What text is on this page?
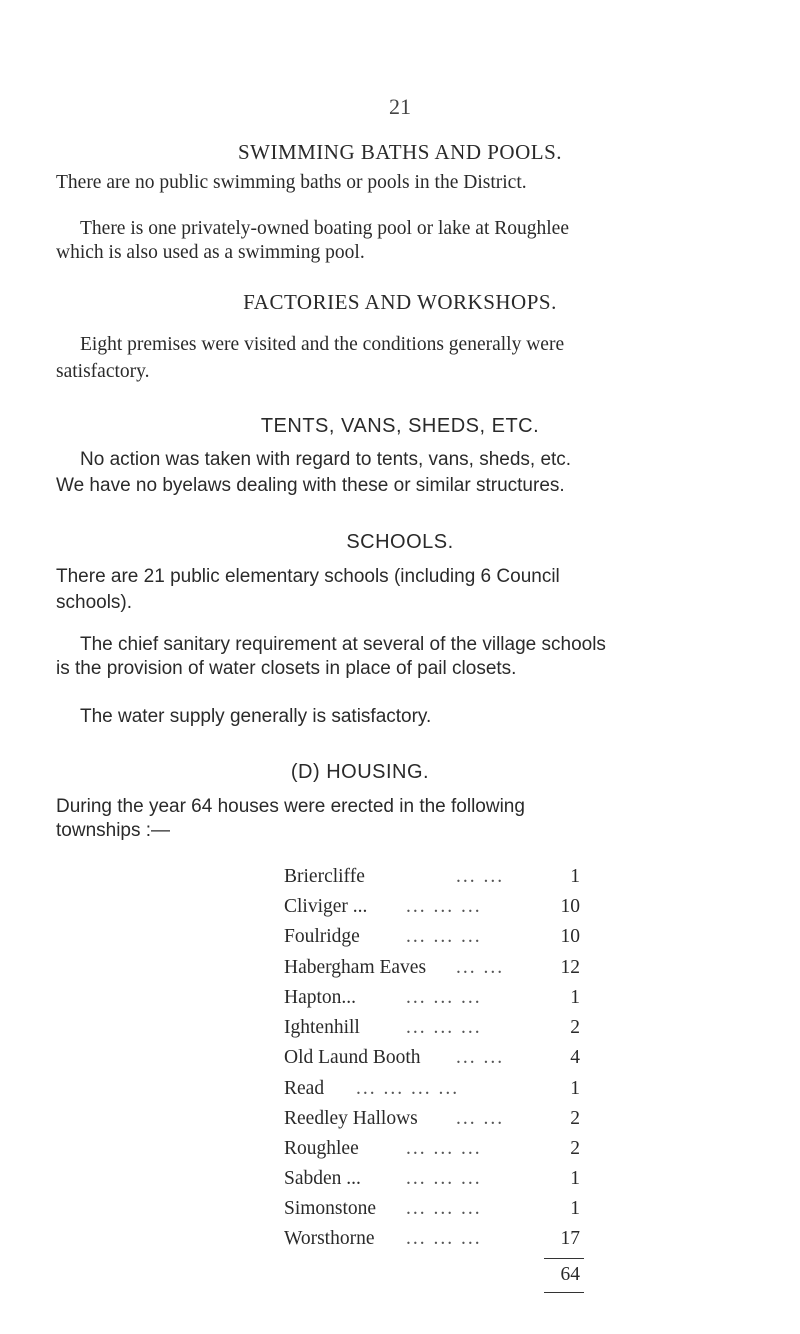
21
SWIMMING BATHS AND POOLS.
There are no public swimming baths or pools in the District.
There is one privately-owned boating pool or lake at Roughlee
which is also used as a swimming pool.
FACTORIES AND WORKSHOPS.
Eight premises were visited and the conditions generally were
satisfactory.
TENTS, VANS, SHEDS, ETC.
No action was taken with regard to tents, vans, sheds, etc.
We have no byelaws dealing with these or similar structures.
SCHOOLS.
There are 21 public elementary schools (including 6 Council
schools).
The chief sanitary requirement at several of the village schools
is the provision of water closets in place of pail closets.
The water supply generally is satisfactory.
(D) HOUSING.
During the year 64 houses were erected in the following
townships :—
Briercliffe	... ...	1
Cliviger ... ... ... ...	10
Foulridge ... ... ...	10
Habergham Eaves ... ...	12
Hapton...	... ... ...	1
Ightenhill ... ... ...	2
Old Laund Booth ... ...	4
Read ... ... ... ...	1
Reedley Hallows ... ...	2
Roughlee ... ... ...	2
Sabden ... ... ... ...	1
Simonstone ... ... ...	1
Worsthorne ... ... ...	17
64
